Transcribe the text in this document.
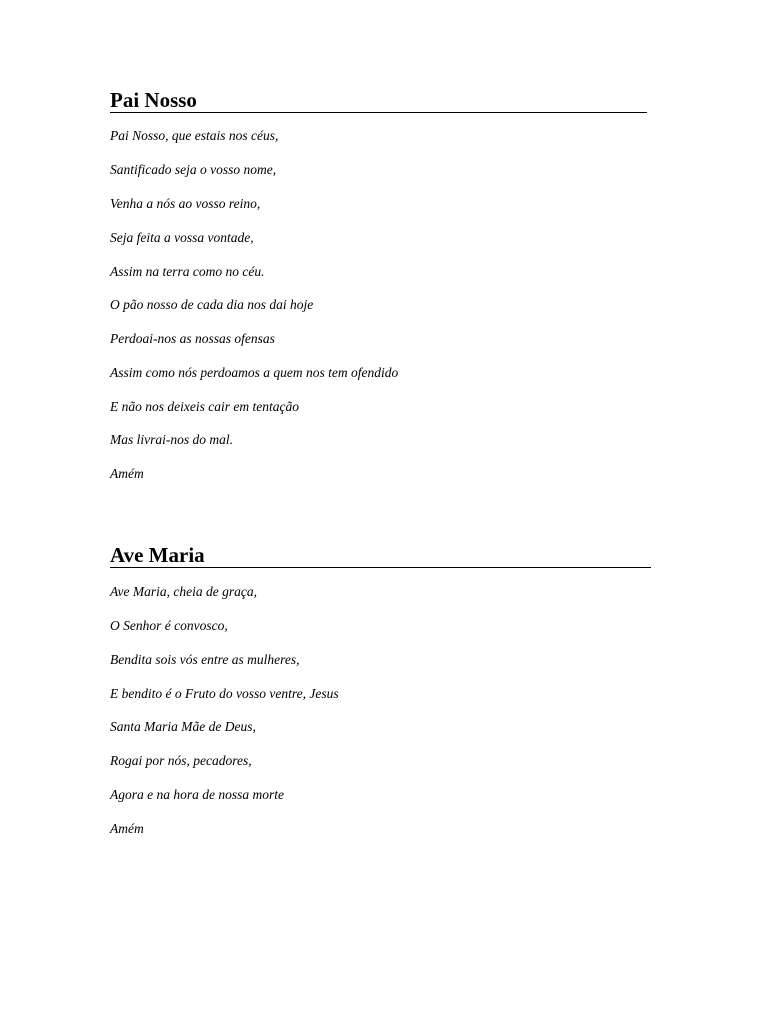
Pai Nosso
Pai Nosso, que estais nos céus,
Santificado seja o vosso nome,
Venha a nós ao vosso reino,
Seja feita a vossa vontade,
Assim na terra como no céu.
O pão nosso de cada dia nos dai hoje
Perdoai-nos as nossas ofensas
Assim como nós perdoamos a quem nos tem ofendido
E não nos deixeis cair em tentação
Mas livrai-nos do mal.
Amém
Ave Maria
Ave Maria, cheia de graça,
O Senhor é convosco,
Bendita sois vós entre as mulheres,
E bendito é o Fruto do vosso ventre, Jesus
Santa Maria Mãe de Deus,
Rogai por nós, pecadores,
Agora e na hora de nossa morte
Amém
